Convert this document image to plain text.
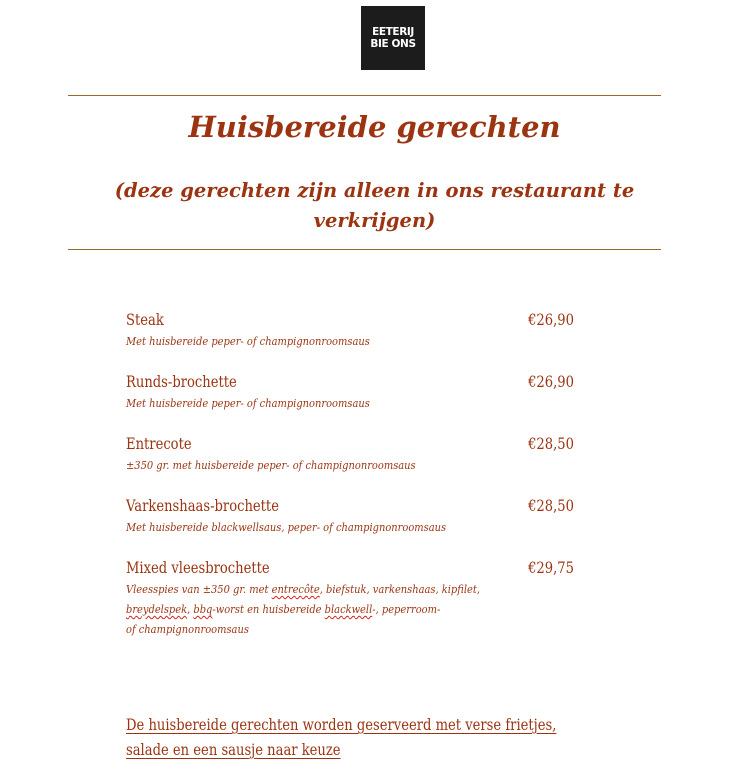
EETERIJ
BIE ONS
Huisbereide gerechten

(deze gerechten zijn alleen in ons restaurant te verkrijgen)

Steak
Met huisbereide peper- of champignonroomsaus
€26,90
Runds-brochette
Met huisbereide peper- of champignonroomsaus
€26,90
Entrecote
±350 gr. met huisbereide peper- of champignonroomsaus
€28,50
Varkenshaas-brochette
Met huisbereide blackwellsaus, peper- of champignonroomsaus
€28,50
Mixed vleesbrochette
Vleesspies van ±350 gr. met entrecôte, biefstuk, varkenshaas, kipfilet,
breydelspek, bbq-worst en huisbereide blackwell-, peperroom-
of champignonroomsaus
€29,75
De huisbereide gerechten worden geserveerd met verse frietjes,
salade en een sausje naar keuze
